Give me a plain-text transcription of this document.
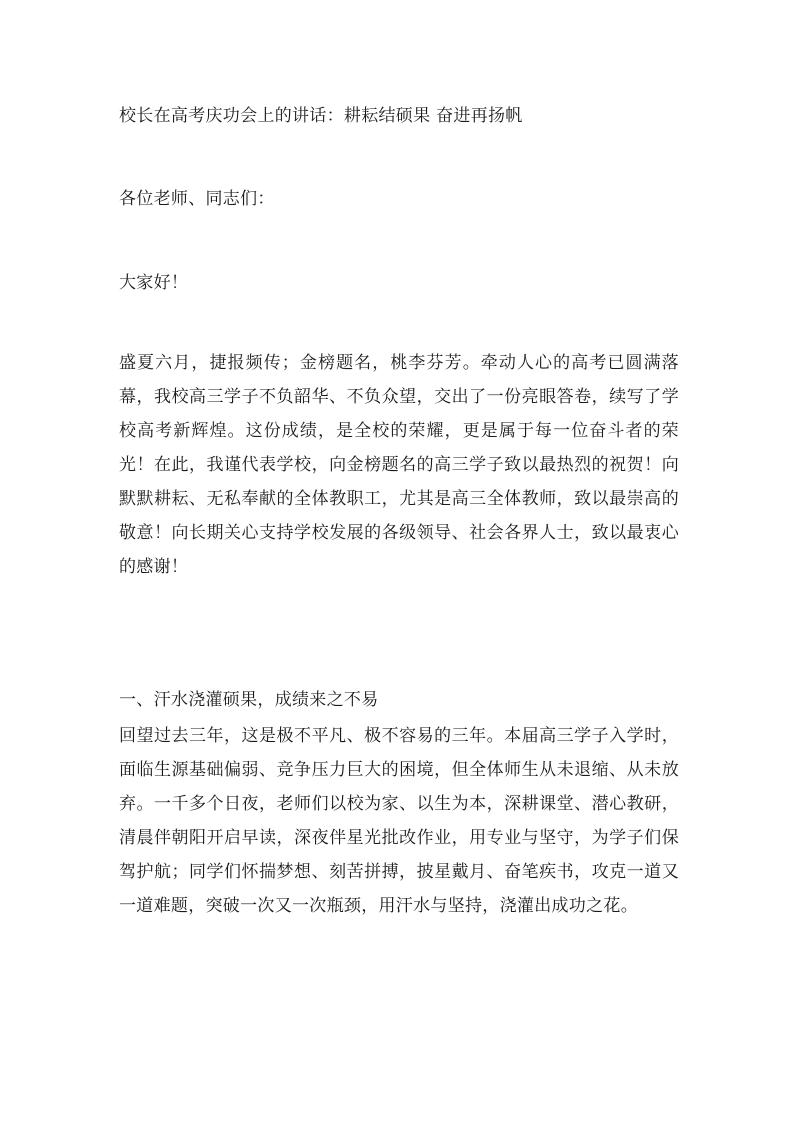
校长在高考庆功会上的讲话：耕耘结硕果 奋进再扬帆
各位老师、同志们：
大家好！
盛夏六月，捷报频传；金榜题名，桃李芬芳。牵动人心的高考已圆满落幕，我校高三学子不负韶华、不负众望，交出了一份亮眼答卷，续写了学校高考新辉煌。这份成绩，是全校的荣耀，更是属于每一位奋斗者的荣光！在此，我谨代表学校，向金榜题名的高三学子致以最热烈的祝贺！向默默耕耘、无私奉献的全体教职工，尤其是高三全体教师，致以最崇高的敬意！向长期关心支持学校发展的各级领导、社会各界人士，致以最衷心的感谢！
一、汗水浇灌硕果，成绩来之不易
回望过去三年，这是极不平凡、极不容易的三年。本届高三学子入学时，面临生源基础偏弱、竞争压力巨大的困境，但全体师生从未退缩、从未放弃。一千多个日夜，老师们以校为家、以生为本，深耕课堂、潜心教研，清晨伴朝阳开启早读，深夜伴星光批改作业，用专业与坚守，为学子们保驾护航；同学们怀揣梦想、刻苦拼搏，披星戴月、奋笔疾书，攻克一道又一道难题，突破一次又一次瓶颈，用汗水与坚持，浇灌出成功之花。
